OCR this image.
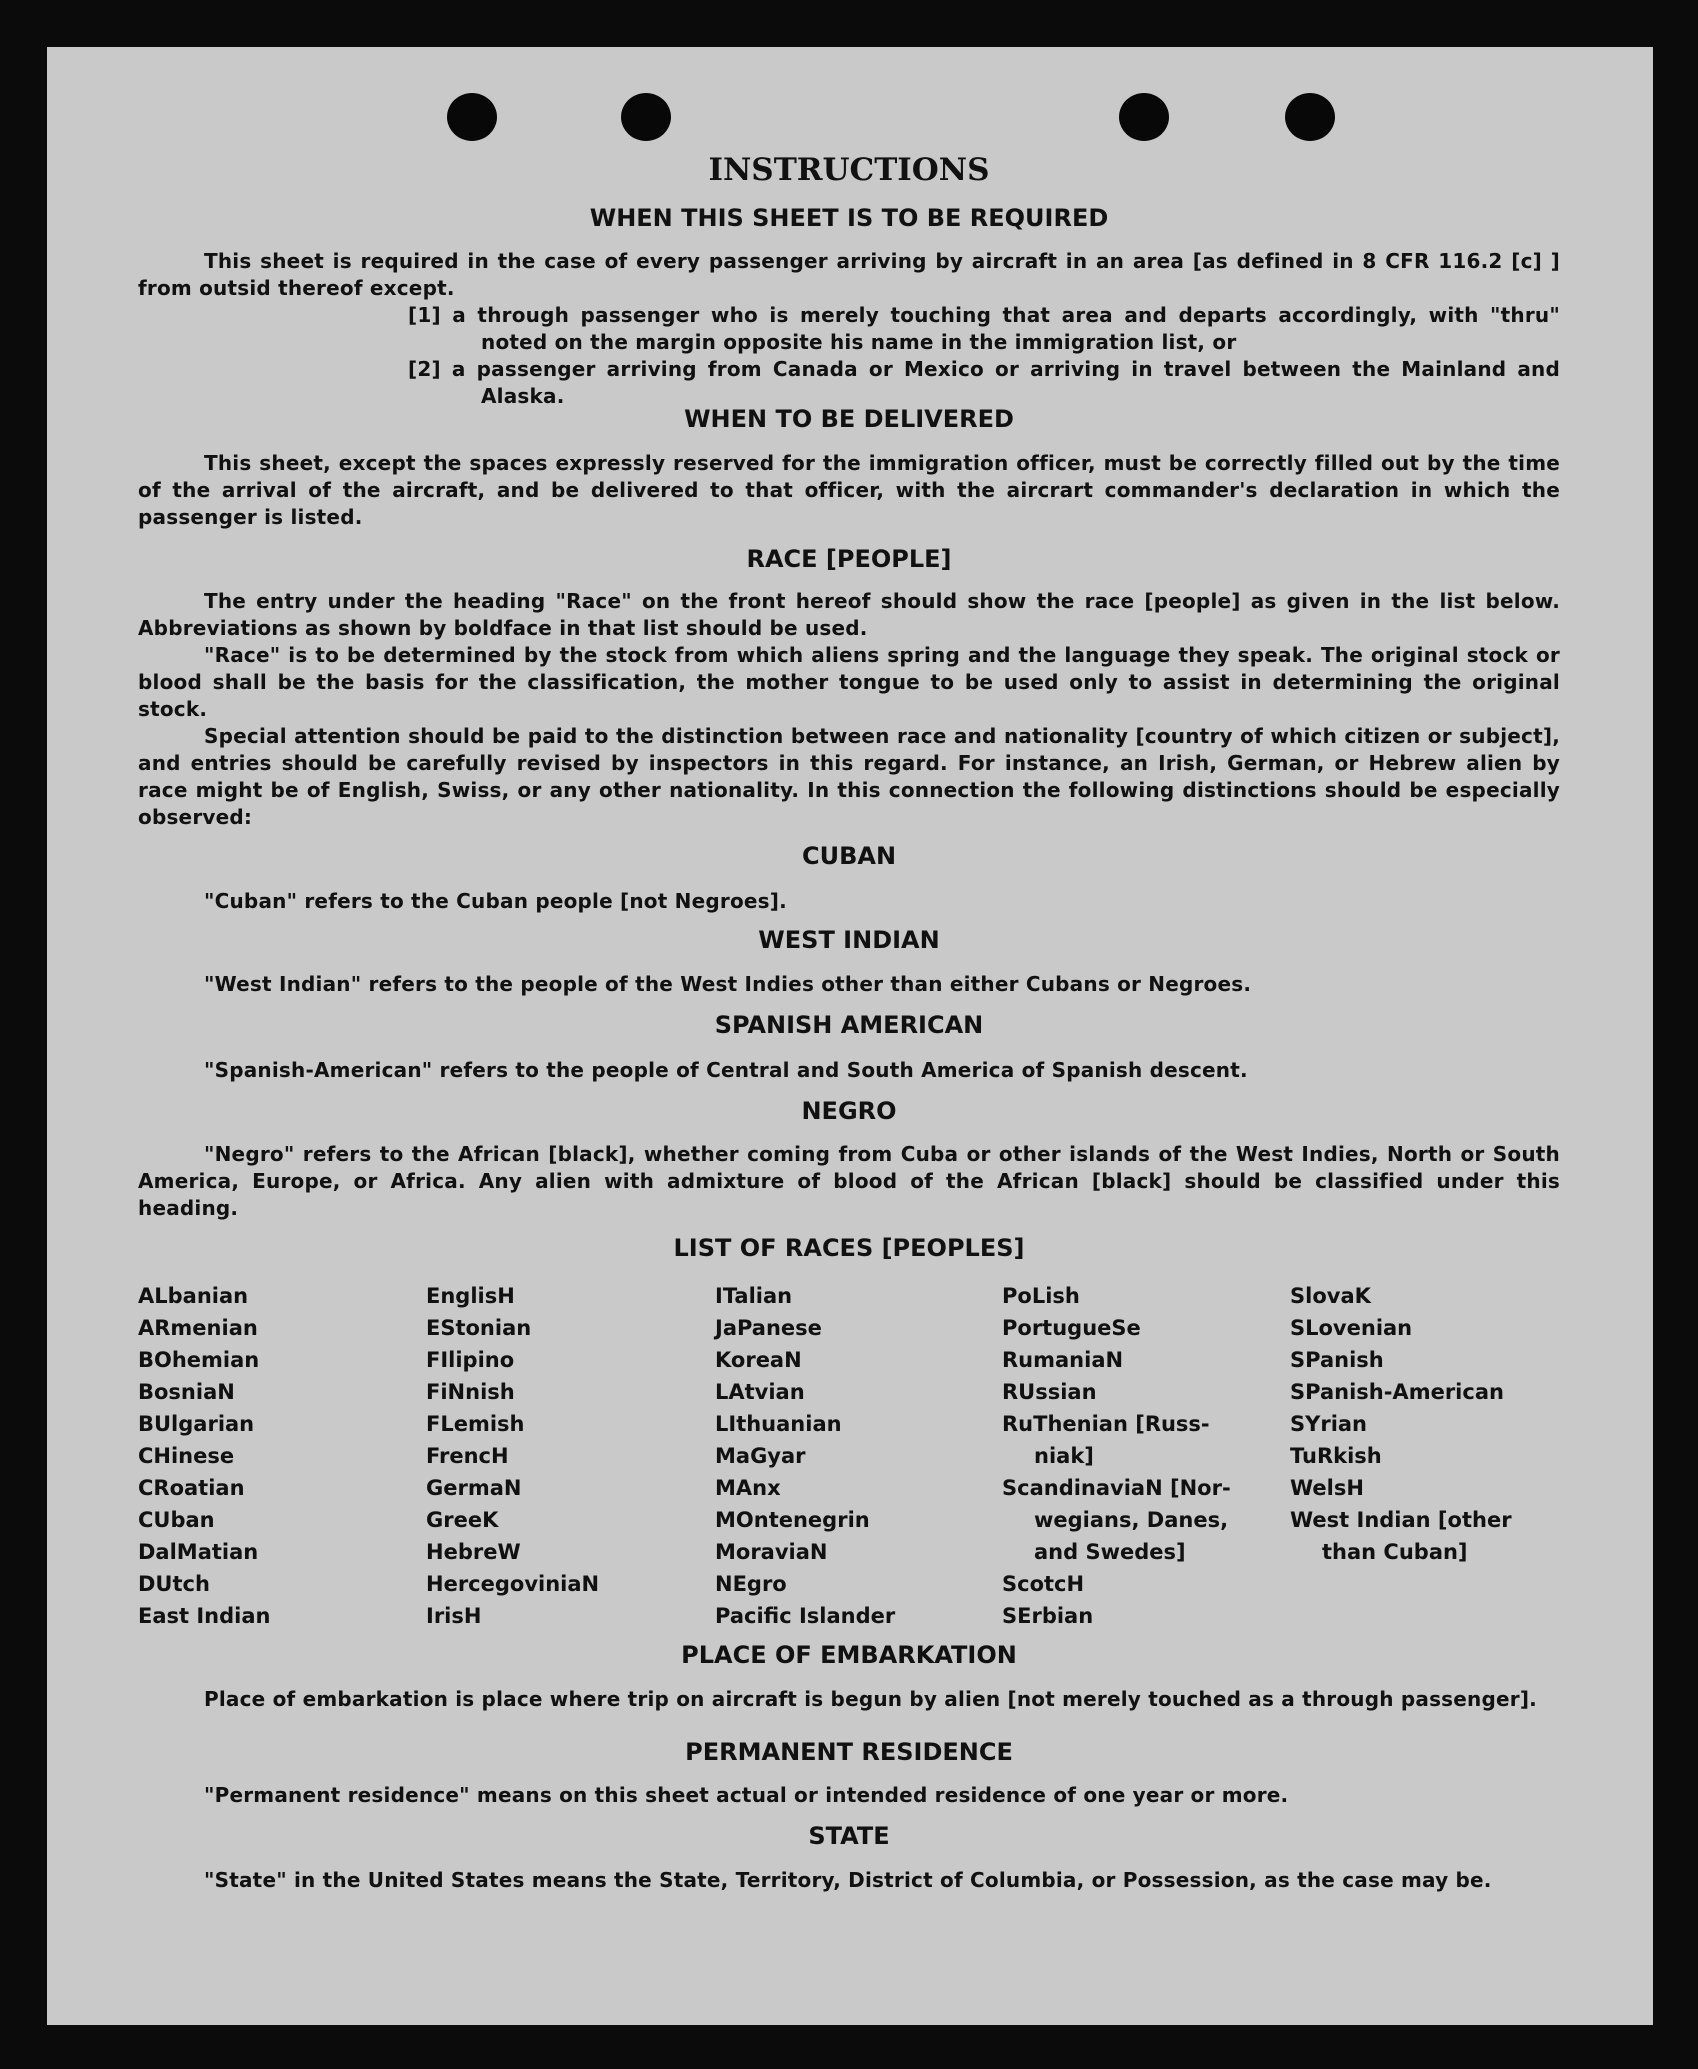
INSTRUCTIONS
WHEN THIS SHEET IS TO BE REQUIRED

This sheet is required in the case of every passenger arriving by aircraft in an area [as defined in 8 CFR 116.2 [c] ] from outsid thereof except.

[1] a through passenger who is merely touching that area and departs accordingly, with "thru" noted on the margin opposite his name in the immigration list, or

[2] a passenger arriving from Canada or Mexico or arriving in travel between the Mainland and Alaska.

WHEN TO BE DELIVERED

This sheet, except the spaces expressly reserved for the immigration officer, must be correctly filled out by the time of the arrival of the aircraft, and be delivered to that officer, with the aircrart commander's declaration in which the passenger is listed.

RACE [PEOPLE]

The entry under the heading "Race" on the front hereof should show the race [people] as given in the list below. Abbreviations as shown by boldface in that list should be used.

"Race" is to be determined by the stock from which aliens spring and the language they speak. The original stock or blood shall be the basis for the classification, the mother tongue to be used only to assist in determining the original stock.

Special attention should be paid to the distinction between race and nationality [country of which citizen or subject], and entries should be carefully revised by inspectors in this regard. For instance, an Irish, German, or Hebrew alien by race might be of English, Swiss, or any other nationality. In this connection the following distinctions should be especially observed:

CUBAN

"Cuban" refers to the Cuban people [not Negroes].

WEST INDIAN

"West Indian" refers to the people of the West Indies other than either Cubans or Negroes.

SPANISH AMERICAN

"Spanish-American" refers to the people of Central and South America of Spanish descent.

NEGRO

"Negro" refers to the African [black], whether coming from Cuba or other islands of the West Indies, North or South America, Europe, or Africa. Any alien with admixture of blood of the African [black] should be classified under this heading.

LIST OF RACES [PEOPLES]
ALbanian
ARmenian
BOhemian
BosniaN
BUlgarian
CHinese
CRoatian
CUban
DalMatian
DUtch
East Indian
EnglisH
EStonian
FIlipino
FiNnish
FLemish
FrencH
GermaN
GreeK
HebreW
HercegoviniaN
IrisH
ITalian
JaPanese
KoreaN
LAtvian
LIthuanian
MaGyar
MAnx
MOntenegrin
MoraviaN
NEgro
Pacific Islander
PoLish
PortugueSe
RumaniaN
RUssian
RuThenian [Russ-
niak]
ScandinaviaN [Nor-
wegians, Danes,
and Swedes]
ScotcH
SErbian
SlovaK
SLovenian
SPanish
SPanish-American
SYrian
TuRkish
WelsH
West Indian [other
than Cuban]
PLACE OF EMBARKATION

Place of embarkation is place where trip on aircraft is begun by alien [not merely touched as a through passenger].

PERMANENT RESIDENCE

"Permanent residence" means on this sheet actual or intended residence of one year or more.

STATE

"State" in the United States means the State, Territory, District of Columbia, or Possession, as the case may be.
